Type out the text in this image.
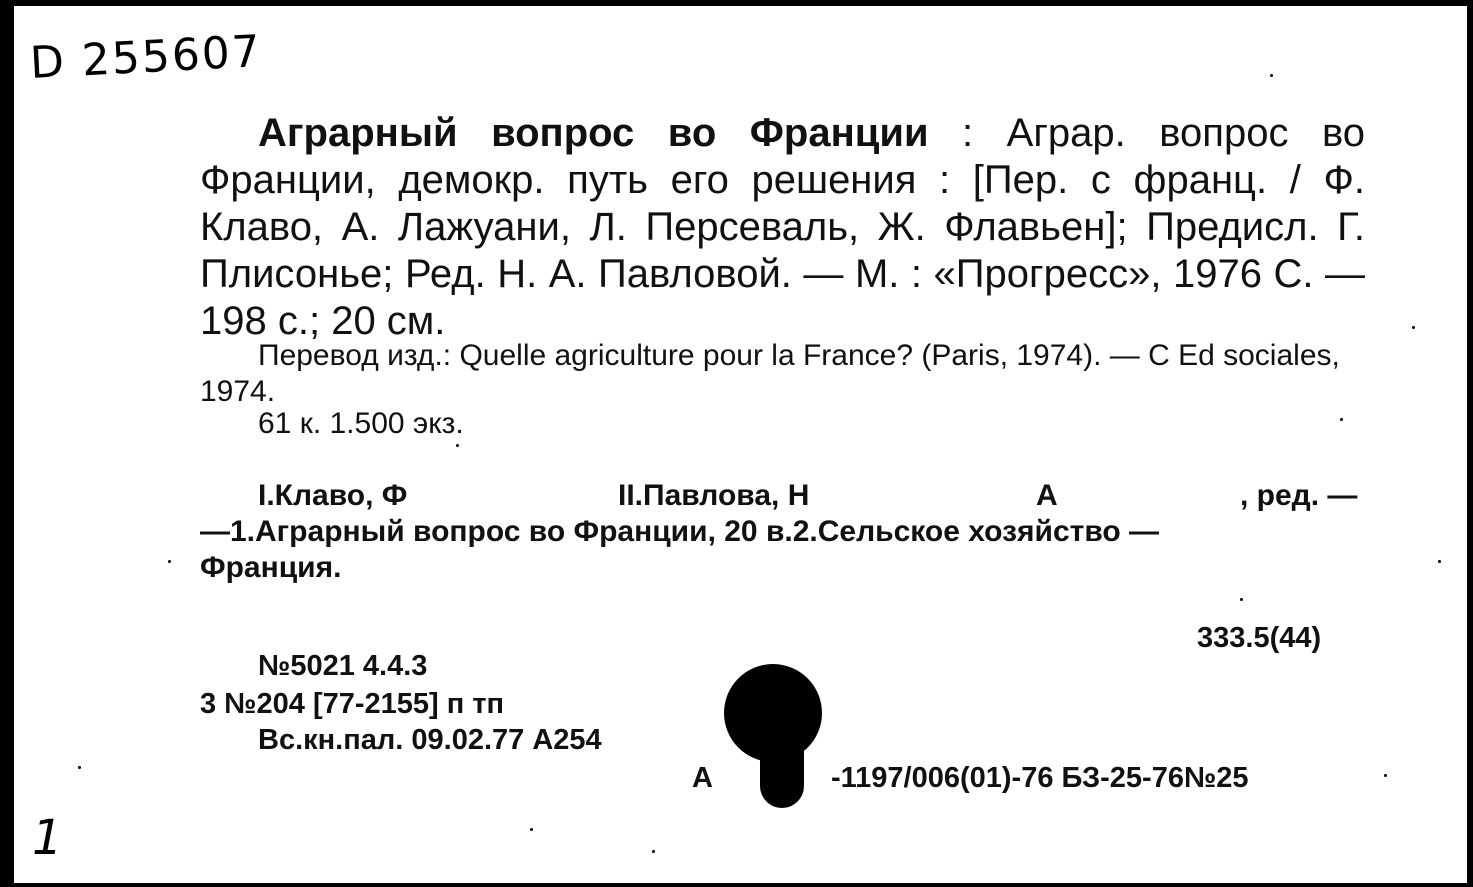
D 255607
Аграрный вопрос во Франции : Аграр. вопрос во Франции, демокр. путь его решения : [Пер. с франц. / Ф. Клаво, А. Лажуани, Л. Персеваль, Ж. Флавьен]; Предисл. Г. Плисонье; Ред. Н. А. Павловой. — М. : «Прогресс», 1976 С. — 198 с.; 20 см.
Перевод изд.: Quelle agriculture pour la France? (Paris, 1974). — C Ed sociales, 1974.
61 к. 1.500 экз.
I.Клаво, Ф	II.Павлова, Н	А	, ред. —
—1.Аграрный вопрос во Франции, 20 в.2.Сельское хозяйство —
Франция.
333.5(44)
№5021 4.4.3
3 №204 [77-2155] п тп
Вс.кн.пал. 09.02.77 А254
А	-1197/006(01)-76 БЗ-25-76№25
1
